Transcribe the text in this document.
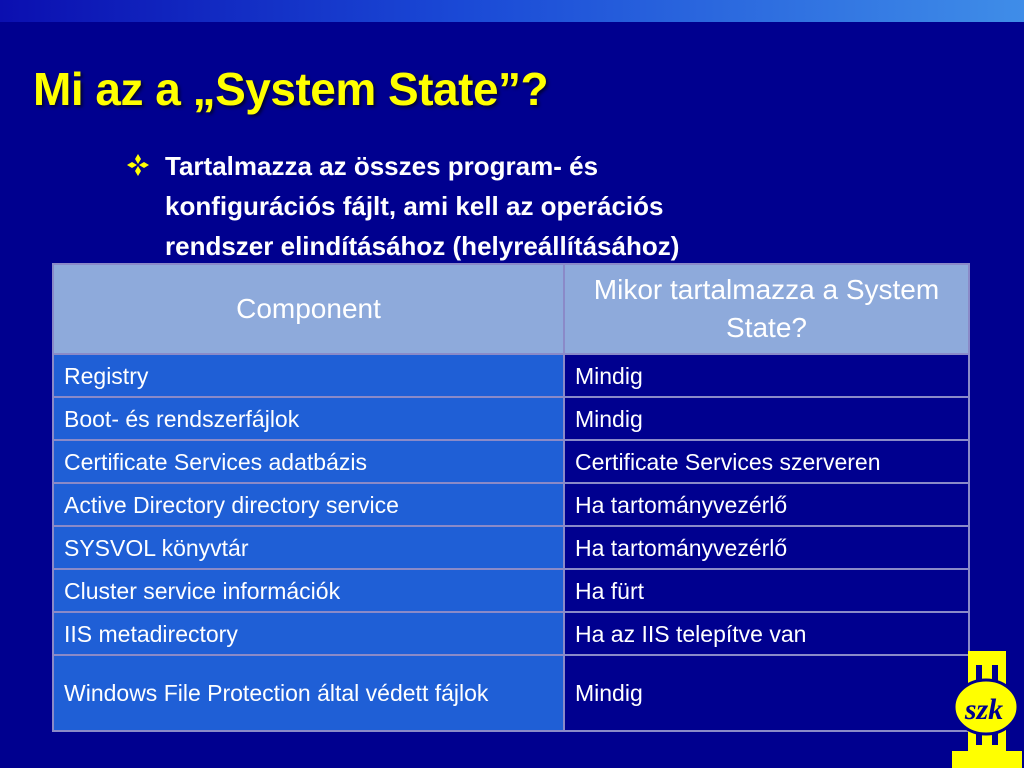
Mi az a „System State”?

Tartalmazza az összes program- és
konfigurációs fájlt, ami kell az operációs
rendszer elindításához (helyreállításához)

Component	Mikor tartalmazza a System State?
Registry	Mindig
Boot- és rendszerfájlok	Mindig
Certificate Services adatbázis	Certificate Services szerveren
Active Directory directory service	Ha tartományvezérlő
SYSVOL könyvtár	Ha tartományvezérlő
Cluster service információk	Ha fürt
IIS metadirectory	Ha az IIS telepítve van
Windows File Protection által védett fájlok	Mindig	szk
